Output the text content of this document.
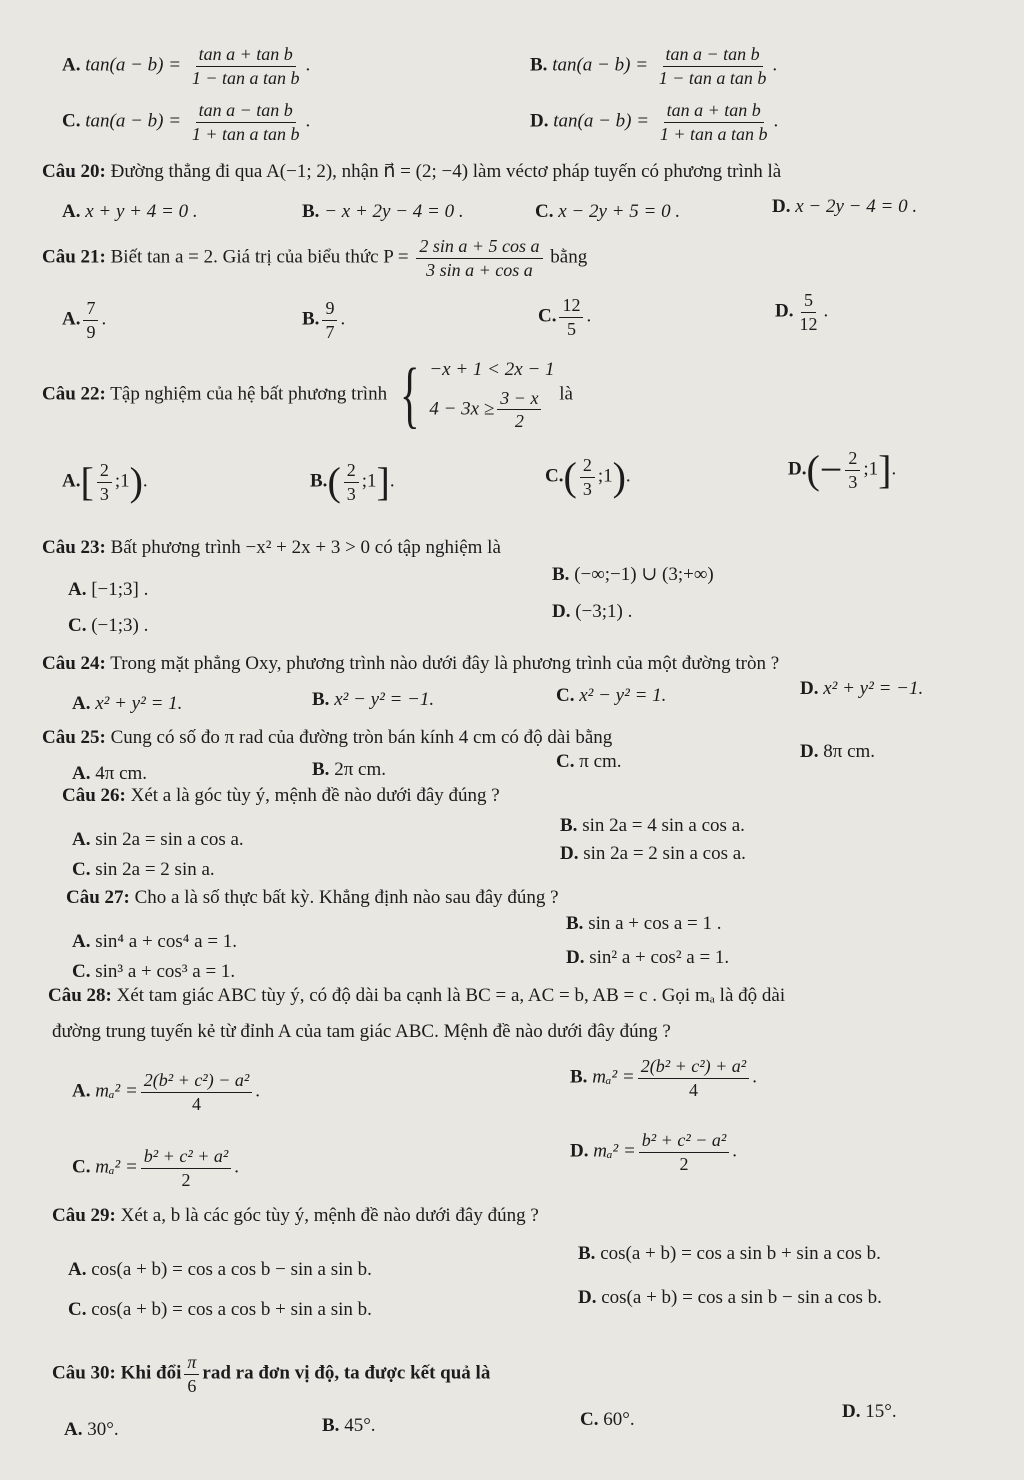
A. $\tan(a - b) = \frac{\text{tan a + tan b}}{\text{1 − tan a tan b}}$ .	B. $\tan(a - b) = \frac{\text{tan a − tan b}}{\text{1 − tan a tan b}}$ .
C. $\tan(a - b) = \frac{\text{tan a − tan b}}{\text{1 + tan a tan b}}$ .	D. $\tan(a - b) = \frac{\text{tan a + tan b}}{\text{1 + tan a tan b}}$ .
Câu 20: Đường thẳng đi qua A(−1; 2), nhận n⃗ = (2; −4) làm véctơ pháp tuyến có phương trình là
A. x + y + 4 = 0 .	B. − x + 2y − 4 = 0 .	C. x − 2y + 5 = 0 .	D. x − 2y − 4 = 0 .
Câu 21: Biết tan a = 2. Giá trị của biểu thức $P = \frac{\text{2 sin a + 5 cos a}}{\text{3 sin a + cos a}}$ bằng
A. $\frac{7}{9}$ .	B. $\frac{9}{7}$ .	C. $\frac{12}{5}$ .	D. $\frac{5}{12}$ .
Câu 22: Tập nghiệm của hệ bất phương trình { −x + 1 < 2x − 1
$4 - 3x \ge \frac{3 - x}{2}$ là
$A.[ \frac{2}{3}$ ;1).	$B.( \frac{2}{3}$ ;1].	$C.( \frac{2}{3}$ ;1).	$D.(- \frac{2}{3}$ ;1].
Câu 23: Bất phương trình −x² + 2x + 3 > 0 có tập nghiệm là
A. [−1;3] .
B. (−∞;−1) ∪ (3;+∞)
C. (−1;3) .
D. (−3;1) .
Câu 24: Trong mặt phẳng Oxy, phương trình nào dưới đây là phương trình của một đường tròn ?
A. x² + y² = 1.	B. x² − y² = −1.	C. x² − y² = 1.	D. x² + y² = −1.
Câu 25: Cung có số đo π rad của đường tròn bán kính 4 cm có độ dài bằng
A. 4π cm.	B. 2π cm.	C. π cm.	D. 8π cm.
Câu 26: Xét a là góc tùy ý, mệnh đề nào dưới đây đúng ?
A. sin 2a = sin a cos a.
B. sin 2a = 4 sin a cos a.
C. sin 2a = 2 sin a.
D. sin 2a = 2 sin a cos a.
Câu 27: Cho a là số thực bất kỳ. Khẳng định nào sau đây đúng ?
A. sin⁴ a + cos⁴ a = 1.
B. sin a + cos a = 1 .
C. sin³ a + cos³ a = 1.
D. sin² a + cos² a = 1.
Câu 28: Xét tam giác ABC tùy ý, có độ dài ba cạnh là BC = a, AC = b, AB = c . Gọi mₐ là độ dài
đường trung tuyến kẻ từ đỉnh A của tam giác ABC. Mệnh đề nào dưới đây đúng ?
A. $m_a^2 = \frac{\text{2(b² + c²) − a²}}{4}$ .
B. $m_a^2 = \frac{\text{2(b² + c²) + a²}}{4}$ .
C. $m_a^2 = \frac{\text{b² + c² + a²}}{2}$ .
D. $m_a^2 = \frac{\text{b² + c² − a²}}{2}$ .
Câu 29: Xét a, b là các góc tùy ý, mệnh đề nào dưới đây đúng ?
A. cos(a + b) = cos a cos b − sin a sin b.
B. cos(a + b) = cos a sin b + sin a cos b.
C. cos(a + b) = cos a cos b + sin a sin b.
D. cos(a + b) = cos a sin b − sin a cos b.
Câu 30: Khi đổi $\frac{\pi}{6}$ rad ra đơn vị độ, ta được kết quả là
A. 30°.	B. 45°.	C. 60°.	D. 15°.
